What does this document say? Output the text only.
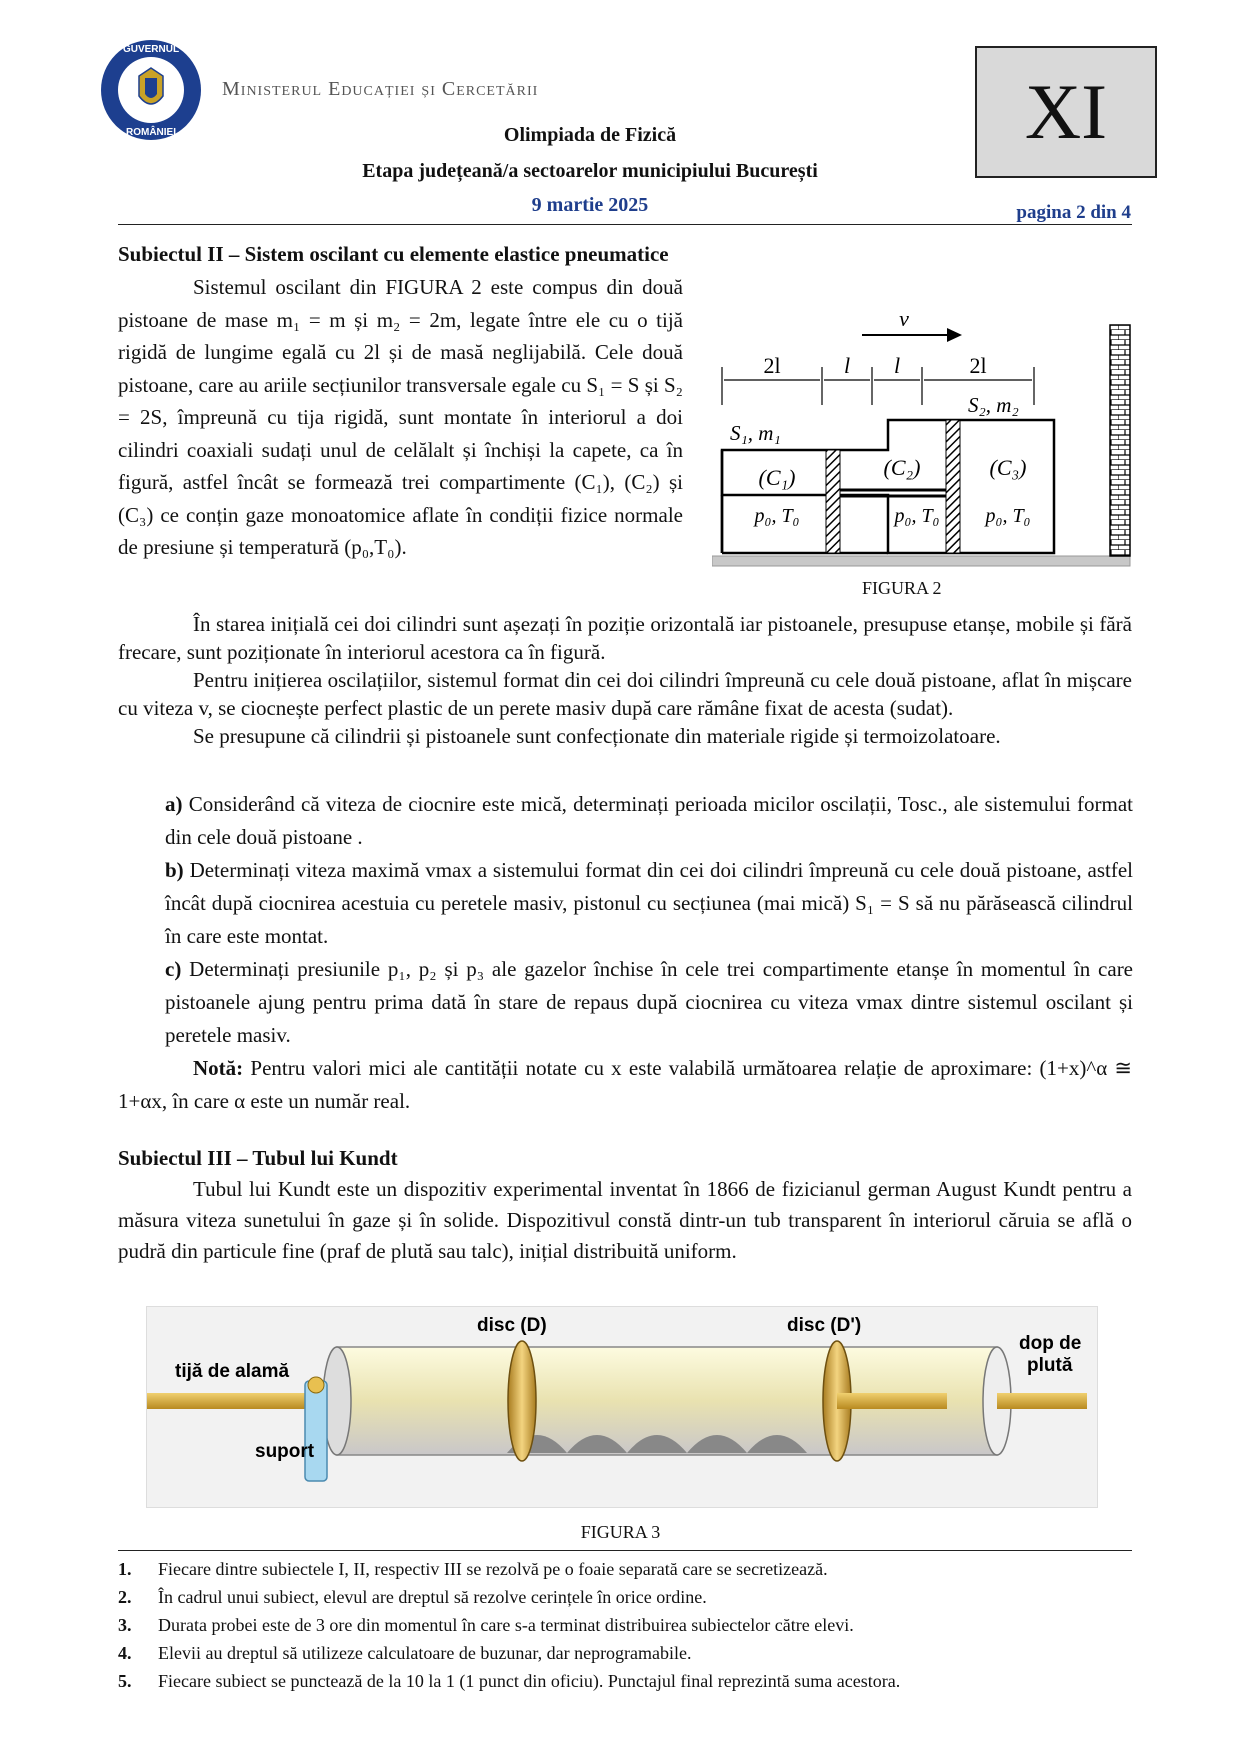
GUVERNUL
ROMÂNIEI
Ministerul Educației și Cercetării
Olimpiada de Fizică
Etapa județeană/a sectoarelor municipiului București
9 martie 2025
XI
pagina 2 din 4
Subiectul II – Sistem oscilant cu elemente elastice pneumatice
Sistemul oscilant din FIGURA 2 este compus din două pistoane de mase m₁ = m și m₂ = 2m, legate între ele cu o tijă rigidă de lungime egală cu 2l și de masă neglijabilă. Cele două pistoane, care au ariile secțiunilor transversale egale cu S₁ = S și S₂ = 2S, împreună cu tija rigidă, sunt montate în interiorul a doi cilindri coaxiali sudați unul de celălalt și închiși la capete, ca în figură, astfel încât se formează trei compartimente (C₁), (C₂) și (C₃) ce conțin gaze monoatomice aflate în condiții fizice normale de presiune și temperatură (p₀,T₀).
v
2l	l l	2l
S₁, m₁
S₂, m₂
(C₁)	(C₂)	(C₃)
p₀, T₀	p₀, T₀ p₀, T₀
FIGURA 2
În starea inițială cei doi cilindri sunt așezați în poziție orizontală iar pistoanele, presupuse etanșe, mobile și fără frecare, sunt poziționate în interiorul acestora ca în figură.
Pentru inițierea oscilațiilor, sistemul format din cei doi cilindri împreună cu cele două pistoane, aflat în mișcare cu viteza v, se ciocnește perfect plastic de un perete masiv după care rămâne fixat de acesta (sudat).
Se presupune că cilindrii și pistoanele sunt confecționate din materiale rigide și termoizolatoare.
a) Considerând că viteza de ciocnire este mică, determinați perioada micilor oscilații, Tosc., ale sistemului format din cele două pistoane .
b) Determinați viteza maximă vmax a sistemului format din cei doi cilindri împreună cu cele două pistoane, astfel încât după ciocnirea acestuia cu peretele masiv, pistonul cu secțiunea (mai mică) S₁ = S să nu părăsească cilindrul în care este montat.
c) Determinați presiunile p₁, p₂ și p₃ ale gazelor închise în cele trei compartimente etanșe în momentul în care pistoanele ajung pentru prima dată în stare de repaus după ciocnirea cu viteza vmax dintre sistemul oscilant și peretele masiv.
Notă: Pentru valori mici ale cantității notate cu x este valabilă următoarea relație de aproximare: (1+x)^α ≅ 1+αx, în care α este un număr real.
Subiectul III – Tubul lui Kundt
Tubul lui Kundt este un dispozitiv experimental inventat în 1866 de fizicianul german August Kundt pentru a măsura viteza sunetului în gaze și în solide. Dispozitivul constă dintr-un tub transparent în interiorul căruia se află o pudră din particule fine (praf de plută sau talc), inițial distribuită uniform.
tijă de alamă
suport
disc (D)	disc (D')
dop de
plută
FIGURA 3
1. Fiecare dintre subiectele I, II, respectiv III se rezolvă pe o foaie separată care se secretizează.
2. În cadrul unui subiect, elevul are dreptul să rezolve cerințele în orice ordine.
3. Durata probei este de 3 ore din momentul în care s-a terminat distribuirea subiectelor către elevi.
4. Elevii au dreptul să utilizeze calculatoare de buzunar, dar neprogramabile.
5. Fiecare subiect se punctează de la 10 la 1 (1 punct din oficiu). Punctajul final reprezintă suma acestora.
